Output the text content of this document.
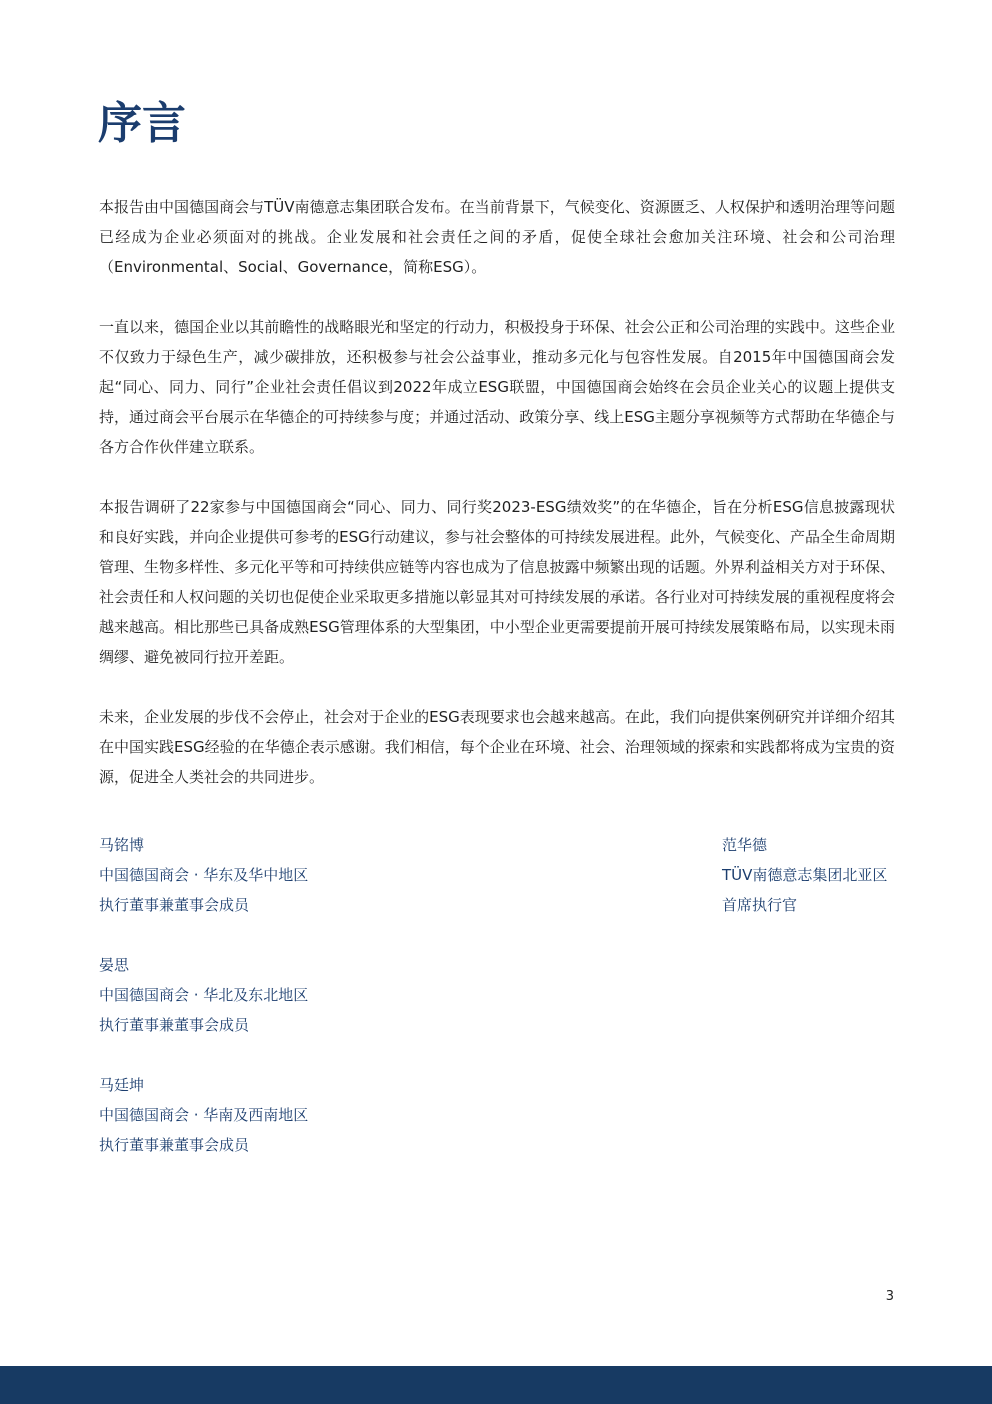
序言

本报告由中国德国商会与TÜV南德意志集团联合发布。在当前背景下，气候变化、资源匮乏、人权保护和透明治理等问题已经成为企业必须面对的挑战。企业发展和社会责任之间的矛盾，促使全球社会愈加关注环境、社会和公司治理（Environmental、Social、Governance，简称ESG）。

一直以来，德国企业以其前瞻性的战略眼光和坚定的行动力，积极投身于环保、社会公正和公司治理的实践中。这些企业不仅致力于绿色生产，减少碳排放，还积极参与社会公益事业，推动多元化与包容性发展。自2015年中国德国商会发起“同心、同力、同行”企业社会责任倡议到2022年成立ESG联盟，中国德国商会始终在会员企业关心的议题上提供支持，通过商会平台展示在华德企的可持续参与度；并通过活动、政策分享、线上ESG主题分享视频等方式帮助在华德企与各方合作伙伴建立联系。

本报告调研了22家参与中国德国商会“同心、同力、同行奖2023-ESG绩效奖”的在华德企，旨在分析ESG信息披露现状和良好实践，并向企业提供可参考的ESG行动建议，参与社会整体的可持续发展进程。此外，气候变化、产品全生命周期管理、生物多样性、多元化平等和可持续供应链等内容也成为了信息披露中频繁出现的话题。外界利益相关方对于环保、社会责任和人权问题的关切也促使企业采取更多措施以彰显其对可持续发展的承诺。各行业对可持续发展的重视程度将会越来越高。相比那些已具备成熟ESG管理体系的大型集团，中小型企业更需要提前开展可持续发展策略布局，以实现未雨绸缪、避免被同行拉开差距。

未来，企业发展的步伐不会停止，社会对于企业的ESG表现要求也会越来越高。在此，我们向提供案例研究并详细介绍其在中国实践ESG经验的在华德企表示感谢。我们相信，每个企业在环境、社会、治理领域的探索和实践都将成为宝贵的资源，促进全人类社会的共同进步。

马铭博
中国德国商会 · 华东及华中地区
执行董事兼董事会成员
范华德
TÜV南德意志集团北亚区
首席执行官
晏思
中国德国商会 · 华北及东北地区
执行董事兼董事会成员
马廷坤
中国德国商会 · 华南及西南地区
执行董事兼董事会成员
3
